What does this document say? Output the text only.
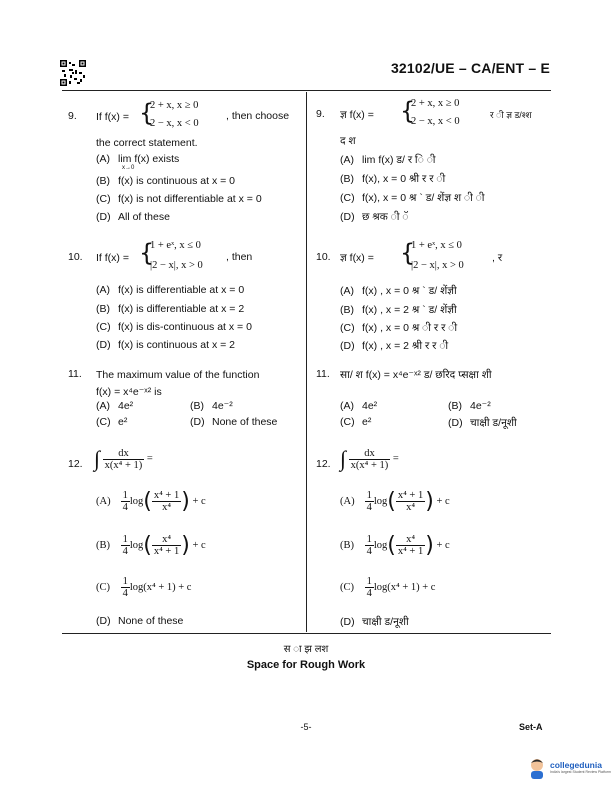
32102/UE – CA/ENT – E
9. If f(x) = {
2 + x, x ≥ 0
2 − x, x < 0
, then choose
the correct statement.
(A) lim f(x) exists
x→0
(B) f(x) is continuous at x = 0
(C) f(x) is not differentiable at x = 0
(D) All of these
10. If f(x) = {
1 + eˣ, x ≤ 0
|2 − x|, x > 0
, then
(A) f(x) is differentiable at x = 0
(B) f(x) is differentiable at x = 2
(C) f(x) is dis-continuous at x = 0
(D) f(x) is continuous at x = 2
11. The maximum value of the function
f(x) = x⁴e⁻ˣ² is
(A) 4e²	(B) 4e⁻²
(C) e²	(D) None of these
12. ∫ $\frac{dx}{\text{x(x⁴ + 1)}}$ =
$(A) \frac{1}{4} \log( \frac{\text{x⁴ + 1}}{\text{x⁴}}$ ) + c
$(B) \frac{1}{4} \log( \frac{\text{x⁴}}{\text{x⁴ + 1}}$ ) + c
$(C) \frac{1}{4} \log(x^4 + 1) + c$
(D) None of these
9. ज्ञ f(x) = {
2 + x, x ≥ 0
2 − x, x < 0
र ी ज्ञ ड/श्श
द श
(A) lim f(x) ड/ र ि ी
(B) f(x), x = 0 श्री र र ी
(C) f(x), x = 0 श्र ` ड/ शेंज्ञ श ी ी
(D) छ श्रक ी ॅ
10. ज्ञ f(x) = {
1 + eˣ, x ≤ 0
|2 − x|, x > 0
, र
(A) f(x) , x = 0 श्र ` ड/ शेंज्ञी
(B) f(x) , x = 2 श्र ` ड/ शेंज्ञी
(C) f(x) , x = 0 श्र ी र र ी
(D) f(x) , x = 2 श्री र र ी
11. सा/ श f(x) = x⁴e⁻ˣ² ड/ छरिद प्सक्षा शी
(A) 4e²	(B) 4e⁻²
(C) e²	(D) चाक्षी ड/नूशी
12. ∫ $\frac{dx}{\text{x(x⁴ + 1)}}$ =
$(A) \frac{1}{4} \log( \frac{\text{x⁴ + 1}}{\text{x⁴}}$ ) + c
$(B) \frac{1}{4} \log( \frac{\text{x⁴}}{\text{x⁴ + 1}}$ ) + c
$(C) \frac{1}{4} \log(x^4 + 1) + c$
(D) चाक्षी ड/नूशी
स ा झ लश
Space for Rough Work
-5-	Set-A
collegedunia
India's largest Student Review Platform
